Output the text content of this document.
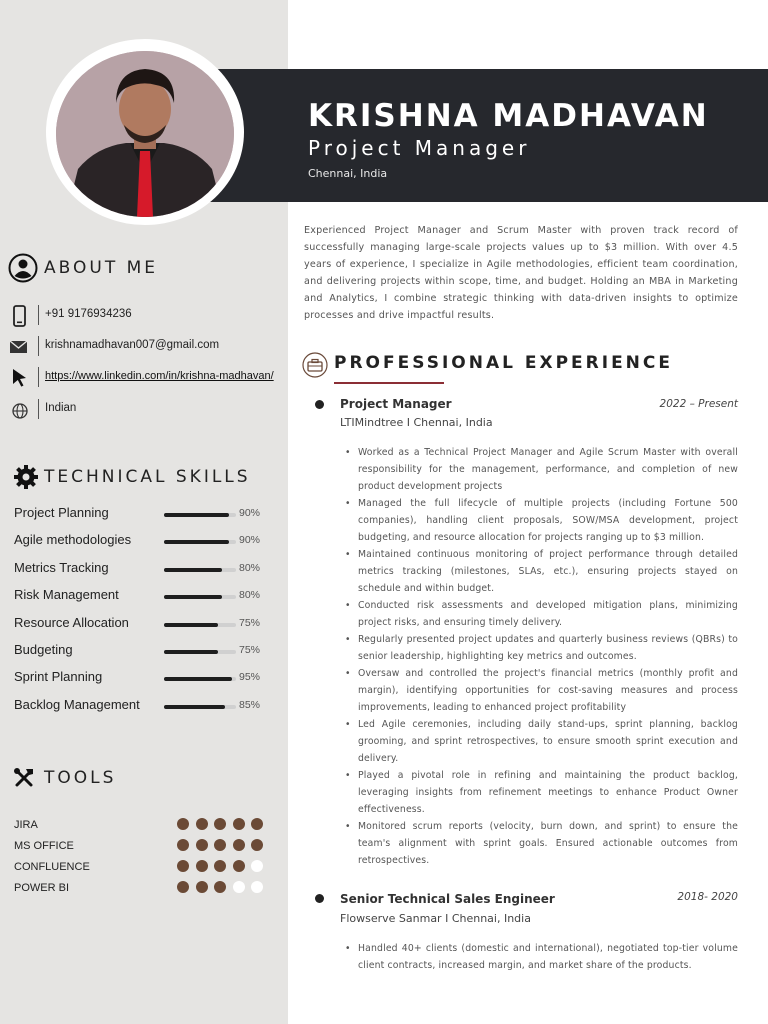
KRISHNA MADHAVAN
Project Manager
Chennai, India
ABOUT ME
+91 9176934236
krishnamadhavan007@gmail.com
https://www.linkedin.com/in/krishna-madhavan/
Indian
TECHNICAL SKILLS
Project Planning	90%
Agile methodologies	90%
Metrics Tracking	80%
Risk Management	80%
Resource Allocation	75%
Budgeting	75%
Sprint Planning	95%
Backlog Management	85%
TOOLS
JIRA
MS OFFICE
CONFLUENCE
POWER BI

Experienced Project Manager and Scrum Master with proven track record of successfully managing large-scale projects values up to $3 million. With over 4.5 years of experience, I specialize in Agile methodologies, efficient team coordination, and delivering projects within scope, time, and budget. Holding an MBA in Marketing and Analytics, I combine strategic thinking with data-driven insights to optimize processes and drive impactful results.

PROFESSIONAL EXPERIENCE
Project Manager	2022 – Present
LTIMindtree I Chennai, India
• Worked as a Technical Project Manager and Agile Scrum Master with overall responsibility for the management, performance, and completion of new product development projects
• Managed the full lifecycle of multiple projects (including Fortune 500 companies), handling client proposals, SOW/MSA development, project budgeting, and resource allocation for projects ranging up to $3 million.
• Maintained continuous monitoring of project performance through detailed metrics tracking (milestones, SLAs, etc.), ensuring projects stayed on schedule and within budget.
• Conducted risk assessments and developed mitigation plans, minimizing project risks, and ensuring timely delivery.
• Regularly presented project updates and quarterly business reviews (QBRs) to senior leadership, highlighting key metrics and outcomes.
• Oversaw and controlled the project's financial metrics (monthly profit and margin), identifying opportunities for cost-saving measures and process improvements, leading to enhanced project profitability
• Led Agile ceremonies, including daily stand-ups, sprint planning, backlog grooming, and sprint retrospectives, to ensure smooth sprint execution and delivery.
• Played a pivotal role in refining and maintaining the product backlog, leveraging insights from refinement meetings to enhance Product Owner effectiveness.
• Monitored scrum reports (velocity, burn down, and sprint) to ensure the team's alignment with sprint goals. Ensured actionable outcomes from retrospectives.
Senior Technical Sales Engineer	2018- 2020
Flowserve Sanmar I Chennai, India
• Handled 40+ clients (domestic and international), negotiated top-tier volume client contracts, increased margin, and market share of the products.
